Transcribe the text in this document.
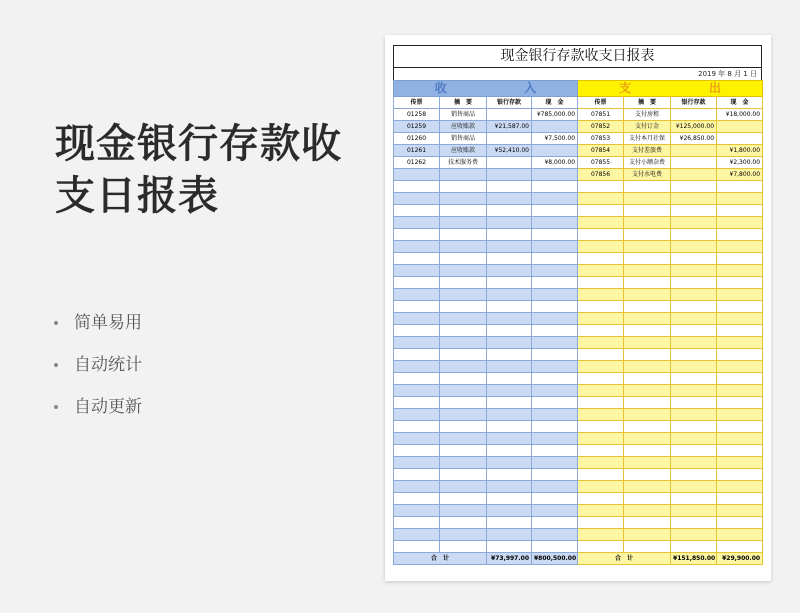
现金银行存款收支日报表
简单易用
自动统计
自动更新
现金银行存款收支日报表
2019 年 8 月 1 日
收 入				支 出			
传票	摘　要	银行存款	现　金	传票	摘　要	银行存款	现　金
01258	销售商品		¥785,000.00	07851	支付房租		¥18,000.00
01259	应收账款	¥21,587.00		07852	支付订金	¥125,000.00	
01260	销售商品		¥7,500.00	07853	支付本月社保	¥26,850.00	
01261	应收账款	¥52,410.00		07854	支付差旅费		¥1,800.00
01262	技术服务费		¥8,000.00	07855	支付小额杂费		¥2,300.00
				07856	支付水电费		¥7,800.00

合　计		¥73,997.00	¥800,500.00	合　计		¥151,850.00	¥29,900.00
